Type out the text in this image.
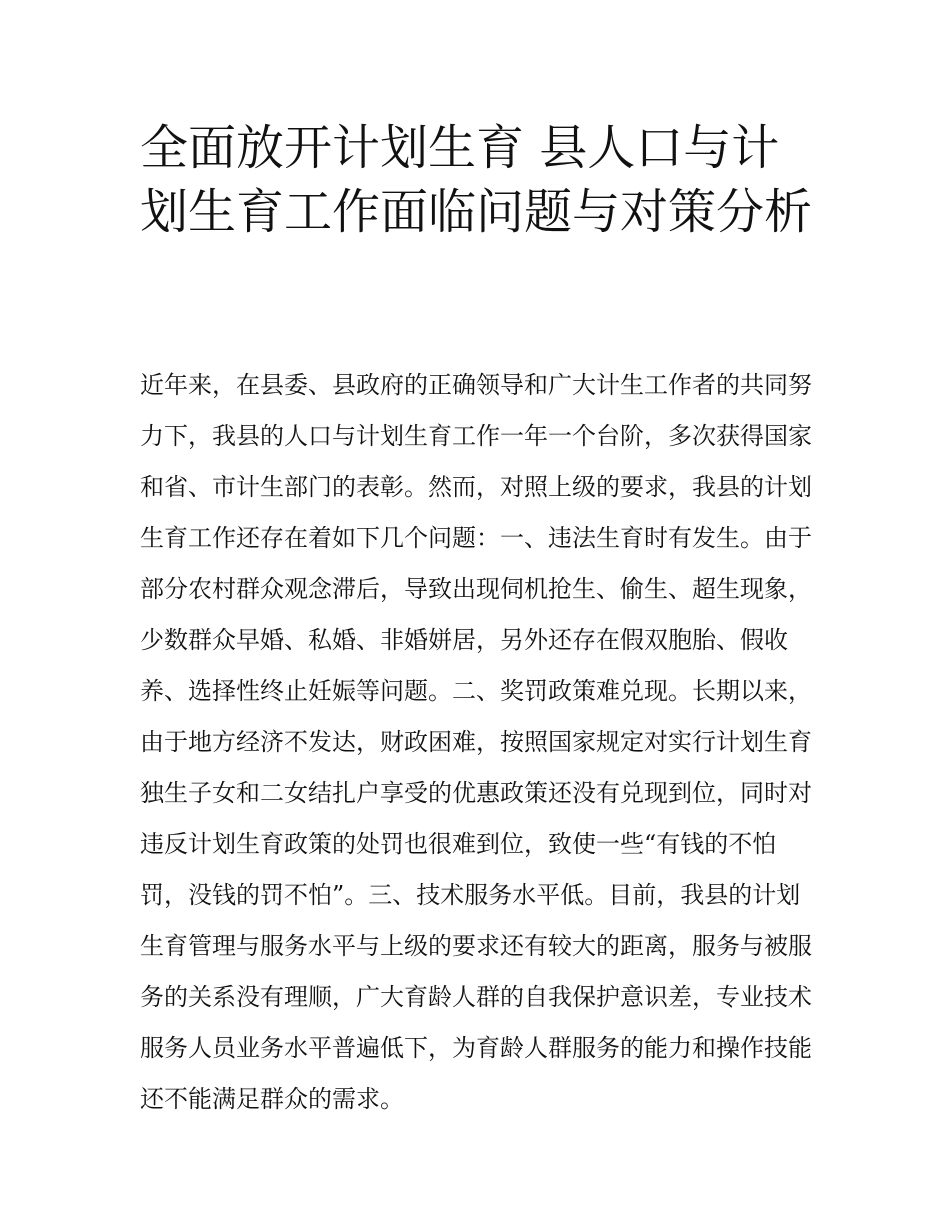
全面放开计划生育 县人口与计划生育工作面临问题与对策分析

近年来，在县委、县政府的正确领导和广大计生工作者的共同努力下，我县的人口与计划生育工作一年一个台阶，多次获得国家和省、市计生部门的表彰。然而，对照上级的要求，我县的计划生育工作还存在着如下几个问题：一、违法生育时有发生。由于部分农村群众观念滞后，导致出现伺机抢生、偷生、超生现象，少数群众早婚、私婚、非婚姘居，另外还存在假双胞胎、假收养、选择性终止妊娠等问题。二、奖罚政策难兑现。长期以来，由于地方经济不发达，财政困难，按照国家规定对实行计划生育独生子女和二女结扎户享受的优惠政策还没有兑现到位，同时对违反计划生育政策的处罚也很难到位，致使一些“有钱的不怕罚，没钱的罚不怕”。三、技术服务水平低。目前，我县的计划生育管理与服务水平与上级的要求还有较大的距离，服务与被服务的关系没有理顺，广大育龄人群的自我保护意识差，专业技术服务人员业务水平普遍低下，为育龄人群服务的能力和操作技能还不能满足群众的需求。
